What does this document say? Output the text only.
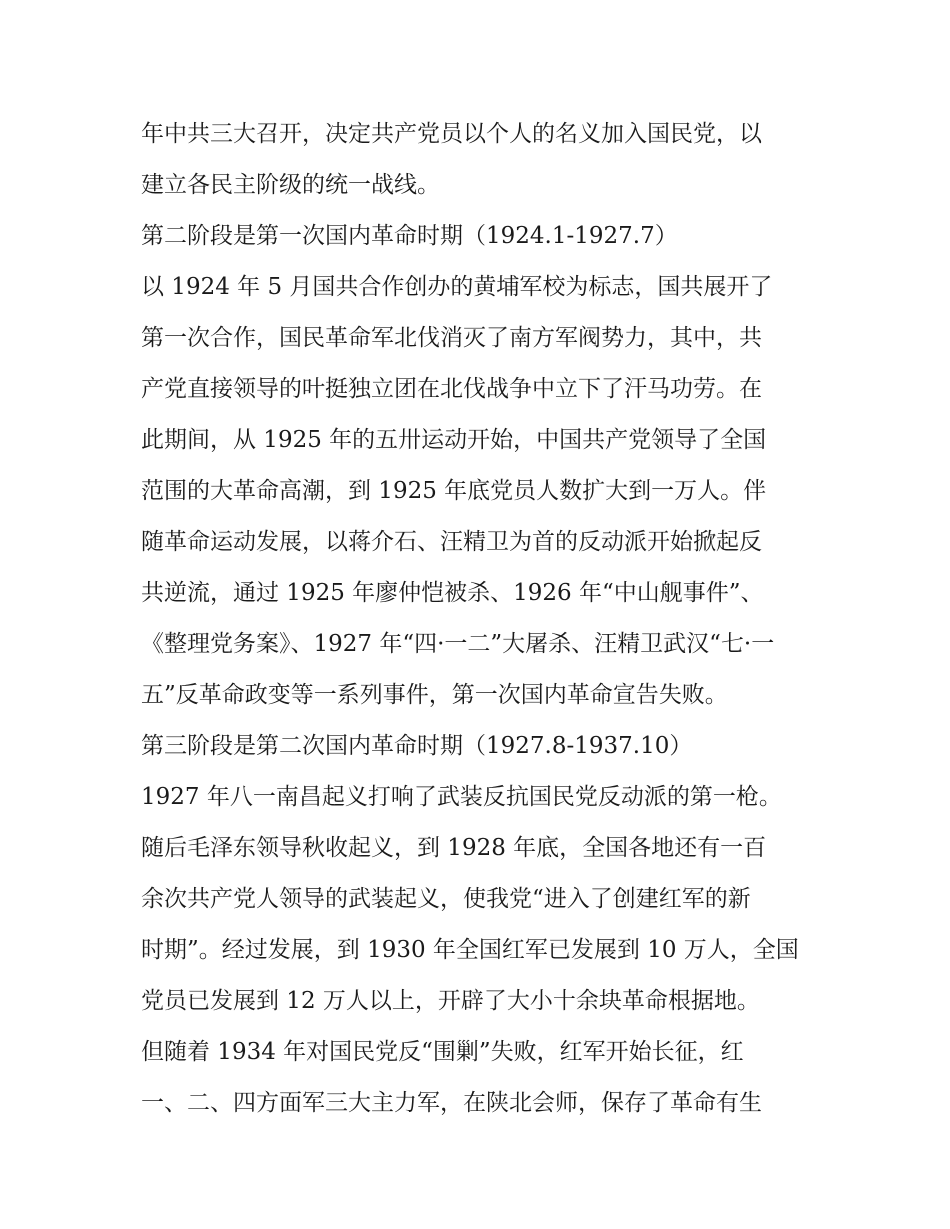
年中共三大召开，决定共产党员以个人的名义加入国民党，以
建立各民主阶级的统一战线。
第二阶段是第一次国内革命时期（1924.1-1927.7）
以 1924 年 5 月国共合作创办的黄埔军校为标志，国共展开了
第一次合作，国民革命军北伐消灭了南方军阀势力，其中，共
产党直接领导的叶挺独立团在北伐战争中立下了汗马功劳。在
此期间，从 1925 年的五卅运动开始，中国共产党领导了全国
范围的大革命高潮，到 1925 年底党员人数扩大到一万人。伴
随革命运动发展，以蒋介石、汪精卫为首的反动派开始掀起反
共逆流，通过 1925 年廖仲恺被杀、1926 年“中山舰事件”、
《整理党务案》、1927 年“四·一二”大屠杀、汪精卫武汉“七·一
五”反革命政变等一系列事件，第一次国内革命宣告失败。
第三阶段是第二次国内革命时期（1927.8-1937.10）
1927 年八一南昌起义打响了武装反抗国民党反动派的第一枪。
随后毛泽东领导秋收起义，到 1928 年底，全国各地还有一百
余次共产党人领导的武装起义，使我党“进入了创建红军的新
时期”。经过发展，到 1930 年全国红军已发展到 10 万人，全国
党员已发展到 12 万人以上，开辟了大小十余块革命根据地。
但随着 1934 年对国民党反“围剿”失败，红军开始长征，红
一、二、四方面军三大主力军，在陕北会师，保存了革命有生
